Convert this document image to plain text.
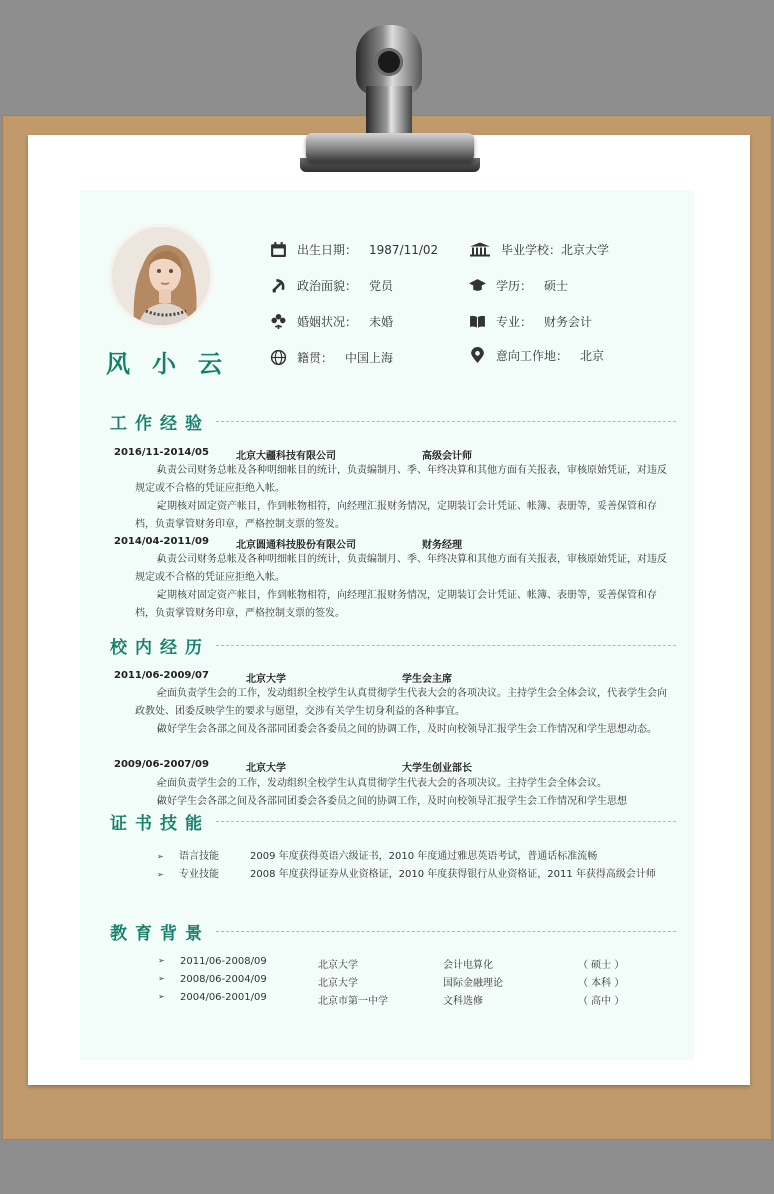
风小云
出生日期： 1987/11/02
政治面貌： 党员
婚姻状况： 未婚
籍贯： 中国上海
毕业学校： 北京大学
学历： 硕士
专业： 财务会计
意向工作地： 北京
工作经验
2016/11-2014/05	北京大疆科技有限公司	高级会计师
➢ 负责公司财务总帐及各种明细帐目的统计，负责编制月、季、年终决算和其他方面有关报表，审核原始凭证，对违反规定或不合格的凭证应拒绝入帐。
➢ 定期核对固定资产帐目，作到帐物相符，向经理汇报财务情况，定期装订会计凭证、帐簿、表册等，妥善保管和存档，负责掌管财务印章，严格控制支票的签发。
2014/04-2011/09	北京圆通科技股份有限公司	财务经理
➢ 负责公司财务总帐及各种明细帐目的统计，负责编制月、季、年终决算和其他方面有关报表，审核原始凭证，对违反规定或不合格的凭证应拒绝入帐。
➢ 定期核对固定资产帐目，作到帐物相符，向经理汇报财务情况，定期装订会计凭证、帐簿、表册等，妥善保管和存档，负责掌管财务印章，严格控制支票的签发。
校内经历
2011/06-2009/07	北京大学	学生会主席
➢ 全面负责学生会的工作，发动组织全校学生认真贯彻学生代表大会的各项决议。主持学生会全体会议，代表学生会向政教处、团委反映学生的要求与愿望，交涉有关学生切身利益的各种事宜。
➢ 做好学生会各部之间及各部同团委会各委员之间的协调工作，及时向校领导汇报学生会工作情况和学生思想动态。
2009/06-2007/09	北京大学	大学生创业部长
➢ 全面负责学生会的工作，发动组织全校学生认真贯彻学生代表大会的各项决议。主持学生会全体会议。
➢ 做好学生会各部之间及各部同团委会各委员之间的协调工作，及时向校领导汇报学生会工作情况和学生思想
证书技能
➢ 语言技能	2009 年度获得英语六级证书，2010 年度通过雅思英语考试，普通话标准流畅
➢ 专业技能	2008 年度获得证券从业资格证，2010 年度获得银行从业资格证，2011 年获得高级会计师
教育背景
➢ 2011/06-2008/09	北京大学	会计电算化	（ 硕士 ）
➢ 2008/06-2004/09	北京大学	国际金融理论	（ 本科 ）
➢ 2004/06-2001/09	北京市第一中学	文科选修	（ 高中 ）
